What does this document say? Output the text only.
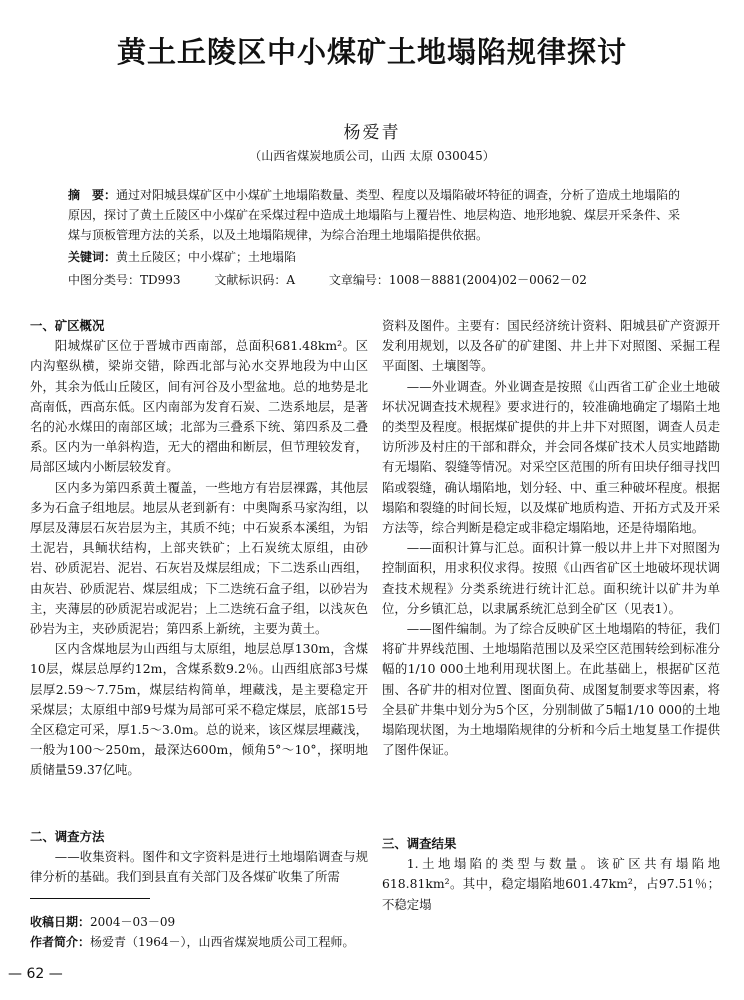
黄土丘陵区中小煤矿土地塌陷规律探讨
杨爱青
（山西省煤炭地质公司，山西 太原 030045）
摘　要：通过对阳城县煤矿区中小煤矿土地塌陷数量、类型、程度以及塌陷破坏特征的调查，分析了造成土地塌陷的原因，探讨了黄土丘陵区中小煤矿在采煤过程中造成土地塌陷与上覆岩性、地层构造、地形地貌、煤层开采条件、采煤与顶板管理方法的关系，以及土地塌陷规律，为综合治理土地塌陷提供依据。
关键词：黄土丘陵区；中小煤矿；土地塌陷
中图分类号：TD993	文献标识码：A	文章编号：1008－8881(2004)02－0062－02
一、矿区概况

阳城煤矿区位于晋城市西南部，总面积681.48km²。区内沟壑纵横，梁峁交错，除西北部与沁水交界地段为中山区外，其余为低山丘陵区，间有河谷及小型盆地。总的地势是北高南低，西高东低。区内南部为发育石炭、二迭系地层，是著名的沁水煤田的南部区域；北部为三叠系下统、第四系及二叠系。区内为一单斜构造，无大的褶曲和断层，但节理较发育，局部区域内小断层较发育。

区内多为第四系黄土覆盖，一些地方有岩层裸露，其他层多为石盒子组地层。地层从老到新有：中奥陶系马家沟组，以厚层及薄层石灰岩层为主，其质不纯；中石炭系本溪组，为铝土泥岩，具鲕状结构，上部夹铁矿；上石炭统太原组，由砂岩、砂质泥岩、泥岩、石灰岩及煤层组成；下二迭系山西组，由灰岩、砂质泥岩、煤层组成；下二迭统石盒子组，以砂岩为主，夹薄层的砂质泥岩或泥岩；上二迭统石盒子组，以浅灰色砂岩为主，夹砂质泥岩；第四系上新统，主要为黄土。

区内含煤地层为山西组与太原组，地层总厚130m，含煤10层，煤层总厚约12m，含煤系数9.2％。山西组底部3号煤层厚2.59～7.75m，煤层结构简单，埋藏浅，是主要稳定开采煤层；太原组中部9号煤为局部可采不稳定煤层，底部15号全区稳定可采，厚1.5～3.0m。总的说来，该区煤层埋藏浅，一般为100～250m，最深达600m，倾角5°～10°，探明地质储量59.37亿吨。

二、调查方法

——收集资料。图件和文字资料是进行土地塌陷调查与规律分析的基础。我们到县直有关部门及各煤矿收集了所需

资料及图件。主要有：国民经济统计资料、阳城县矿产资源开发利用规划，以及各矿的矿建图、井上井下对照图、采掘工程平面图、土壤图等。

——外业调查。外业调查是按照《山西省工矿企业土地破坏状况调查技术规程》要求进行的，较准确地确定了塌陷土地的类型及程度。根据煤矿提供的井上井下对照图，调查人员走访所涉及村庄的干部和群众，并会同各煤矿技术人员实地踏勘有无塌陷、裂缝等情况。对采空区范围的所有田块仔细寻找凹陷或裂缝，确认塌陷地，划分轻、中、重三种破坏程度。根据塌陷和裂缝的时间长短，以及煤矿地质构造、开拓方式及开采方法等，综合判断是稳定或非稳定塌陷地，还是待塌陷地。

——面积计算与汇总。面积计算一般以井上井下对照图为控制面积，用求积仪求得。按照《山西省矿区土地破坏现状调查技术规程》分类系统进行统计汇总。面积统计以矿井为单位，分乡镇汇总，以隶属系统汇总到全矿区（见表1）。

——图件编制。为了综合反映矿区土地塌陷的特征，我们将矿井界线范围、土地塌陷范围以及采空区范围转绘到标准分幅的1/10 000土地利用现状图上。在此基础上，根据矿区范围、各矿井的相对位置、图面负荷、成图复制要求等因素，将全县矿井集中划分为5个区，分别制做了5幅1/10 000的土地塌陷现状图，为土地塌陷规律的分析和今后土地复垦工作提供了图件保证。

三、调查结果

1.土地塌陷的类型与数量。该矿区共有塌陷地618.81km²。其中，稳定塌陷地601.47km²，占97.51％；不稳定塌

收稿日期：2004－03－09
作者简介：杨爱青（1964－），山西省煤炭地质公司工程师。
— 62 —
